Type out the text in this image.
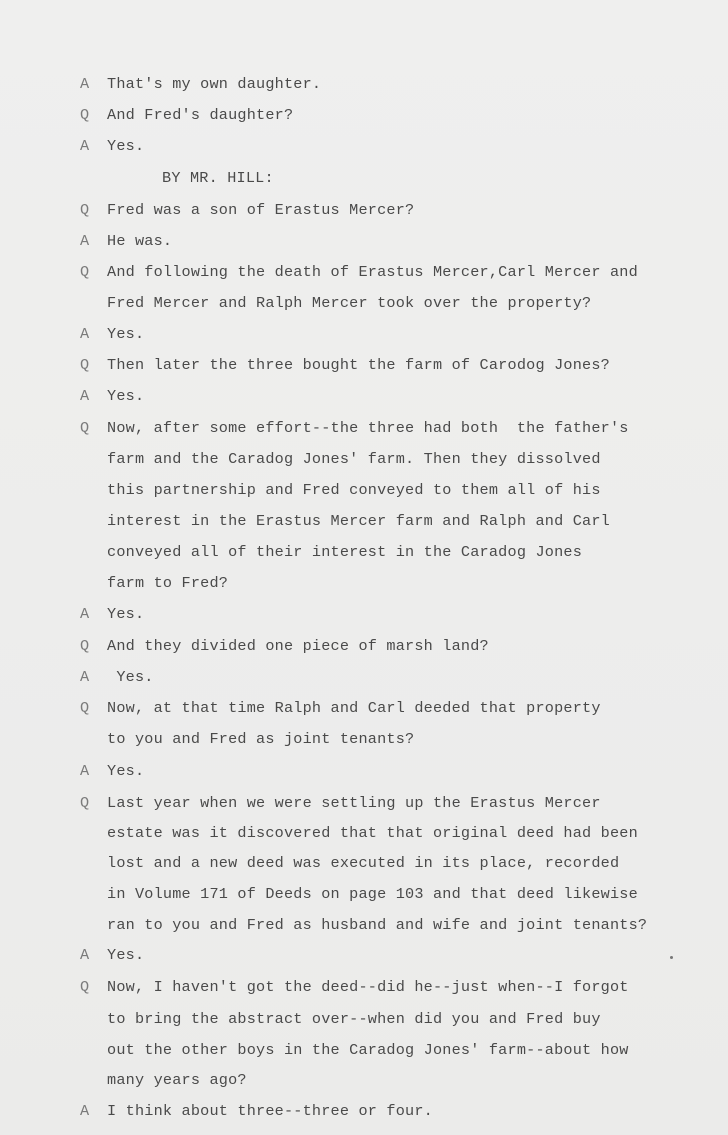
A That's my own daughter.
Q And Fred's daughter?
A Yes.
BY MR. HILL:
Q Fred was a son of Erastus Mercer?
A He was.
Q And following the death of Erastus Mercer,Carl Mercer and
Fred Mercer and Ralph Mercer took over the property?
A Yes.
Q Then later the three bought the farm of Carodog Jones?
A Yes.
Q Now, after some effort--the three had both  the father's
farm and the Caradog Jones' farm. Then they dissolved
this partnership and Fred conveyed to them all of his
interest in the Erastus Mercer farm and Ralph and Carl
conveyed all of their interest in the Caradog Jones
farm to Fred?
A Yes.
Q And they divided one piece of marsh land?
A Yes.
Q Now, at that time Ralph and Carl deeded that property
to you and Fred as joint tenants?
A Yes.
Q Last year when we were settling up the Erastus Mercer
estate was it discovered that that original deed had been
lost and a new deed was executed in its place, recorded
in Volume 171 of Deeds on page 103 and that deed likewise
ran to you and Fred as husband and wife and joint tenants?
A Yes.
Q Now, I haven't got the deed--did he--just when--I forgot
to bring the abstract over--when did you and Fred buy
out the other boys in the Caradog Jones' farm--about how
many years ago?
A I think about three--three or four.
